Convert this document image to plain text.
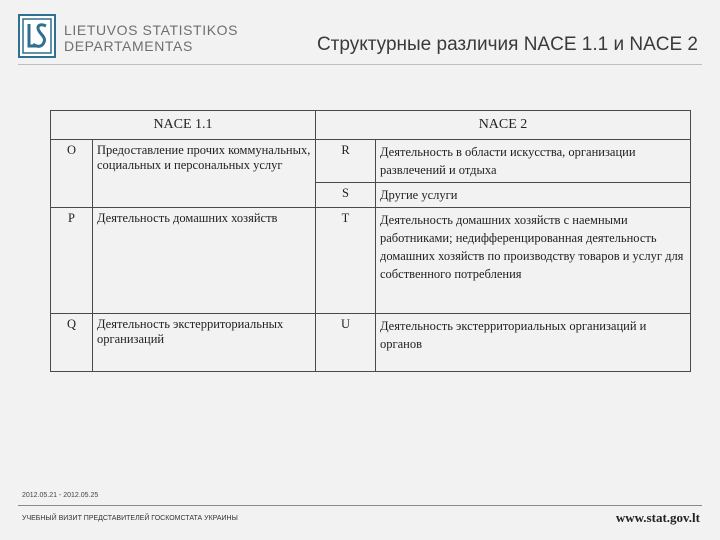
LIETUVOS STATISTIKOS
DEPARTAMENTAS	Структурные различия NACE 1.1 и NACE 2
NACE 1.1		NACE 2	
O	Предоставление прочих коммунальных, социальных и персональных услуг	R	Деятельность в области искусства, организации развлечений и отдыха
		S	Другие услуги
P	Деятельность домашних хозяйств	T	Деятельность домашних хозяйств с наемными работниками; недифференцированная деятельность домашних хозяйств по производству товаров и услуг для собственного потребления
Q	Деятельность экстерриториальных организаций	U	Деятельность экстерриториальных организаций и органов
2012.05.21 - 2012.05.25
УЧЕБНЫЙ ВИЗИТ ПРЕДСТАВИТЕЛЕЙ ГОСКОМСТАТА УКРАИНЫ	www.stat.gov.lt
